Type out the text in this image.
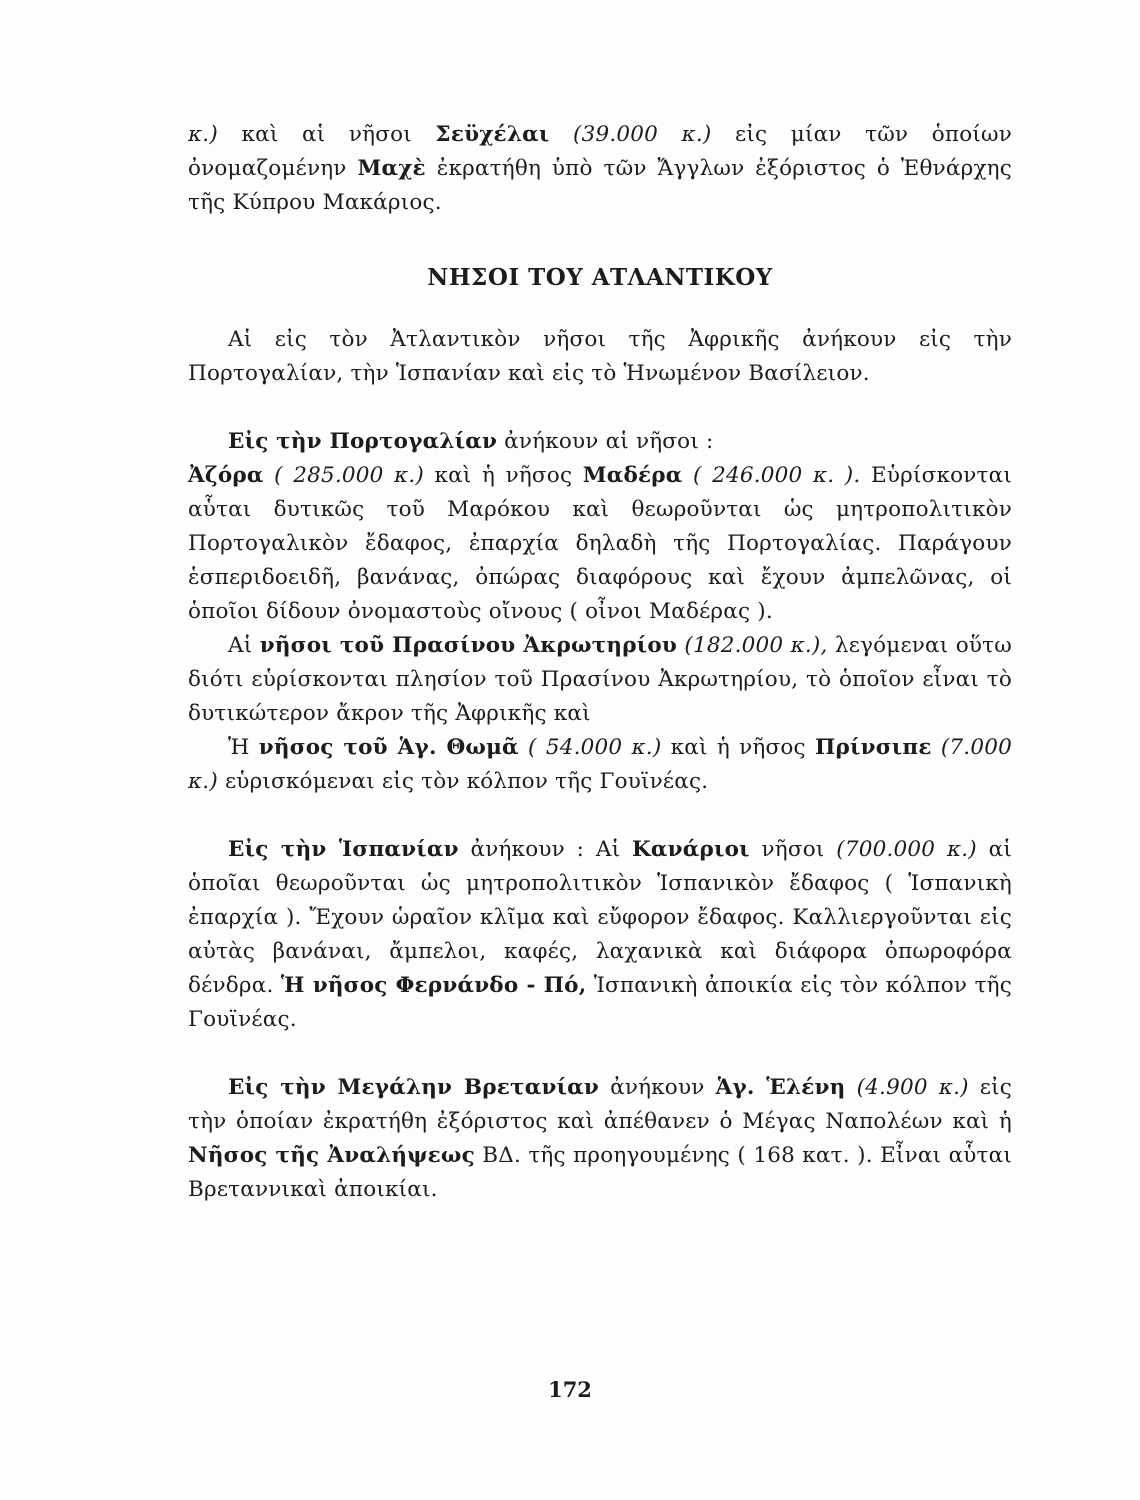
κ.) καὶ αἱ νῆσοι Σεϋχέλαι (39.000 κ.) εἰς μίαν τῶν ὁποίων ὀνομαζομένην Μαχὲ ἐκρατήθη ὑπὸ τῶν Ἄγγλων ἐξόριστος ὁ Ἐθνάρχης τῆς Κύπρου Μακάριος.

ΝΗΣΟΙ ΤΟΥ ΑΤΛΑΝΤΙΚΟΥ

Αἱ εἰς τὸν Ἀτλαντικὸν νῆσοι τῆς Ἀφρικῆς ἀνήκουν εἰς τὴν Πορτογαλίαν, τὴν Ἱσπανίαν καὶ εἰς τὸ Ἡνωμένον Βασίλειον.

Εἰς τὴν Πορτογαλίαν ἀνήκουν αἱ νῆσοι :

Ἀζόρα ( 285.000 κ.) καὶ ἡ νῆσος Μαδέρα ( 246.000 κ. ). Εὑρίσκονται αὗται δυτικῶς τοῦ Μαρόκου καὶ θεωροῦνται ὡς μητροπολιτικὸν Πορτογαλικὸν ἔδαφος, ἐπαρχία δηλαδὴ τῆς Πορτογαλίας. Παράγουν ἑσπεριδοειδῆ, βανάνας, ὀπώρας διαφόρους καὶ ἔχουν ἀμπελῶνας, οἱ ὁποῖοι δίδουν ὀνομαστοὺς οἴνους ( οἶνοι Μαδέρας ).

Αἱ νῆσοι τοῦ Πρασίνου Ἀκρωτηρίου (182.000 κ.), λεγόμεναι οὕτω διότι εὑρίσκονται πλησίον τοῦ Πρασίνου Ἀκρωτηρίου, τὸ ὁποῖον εἶναι τὸ δυτικώτερον ἄκρον τῆς Ἀφρικῆς καὶ

Ἡ νῆσος τοῦ Ἁγ. Θωμᾶ ( 54.000 κ.) καὶ ἡ νῆσος Πρίνσιπε (7.000 κ.) εὑρισκόμεναι εἰς τὸν κόλπον τῆς Γουϊνέας.

Εἰς τὴν Ἱσπανίαν ἀνήκουν : Αἱ Κανάριοι νῆσοι (700.000 κ.) αἱ ὁποῖαι θεωροῦνται ὡς μητροπολιτικὸν Ἱσπανικὸν ἔδαφος ( Ἱσπανικὴ ἐπαρχία ). Ἔχουν ὡραῖον κλῖμα καὶ εὔφορον ἔδαφος. Καλλιεργοῦνται εἰς αὐτὰς βανάναι, ἄμπελοι, καφές, λαχανικὰ καὶ διάφορα ὀπωροφόρα δένδρα. Ἡ νῆσος Φερνάνδο - Πό, Ἱσπανικὴ ἀποικία εἰς τὸν κόλπον τῆς Γουϊνέας.

Εἰς τὴν Μεγάλην Βρετανίαν ἀνήκουν Ἁγ. Ἑλένη (4.900 κ.) εἰς τὴν ὁποίαν ἐκρατήθη ἐξόριστος καὶ ἀπέθανεν ὁ Μέγας Ναπολέων καὶ ἡ Νῆσος τῆς Ἀναλήψεως ΒΔ. τῆς προηγουμένης ( 168 κατ. ). Εἶναι αὗται Βρεταννικαὶ ἀποικίαι.

172
